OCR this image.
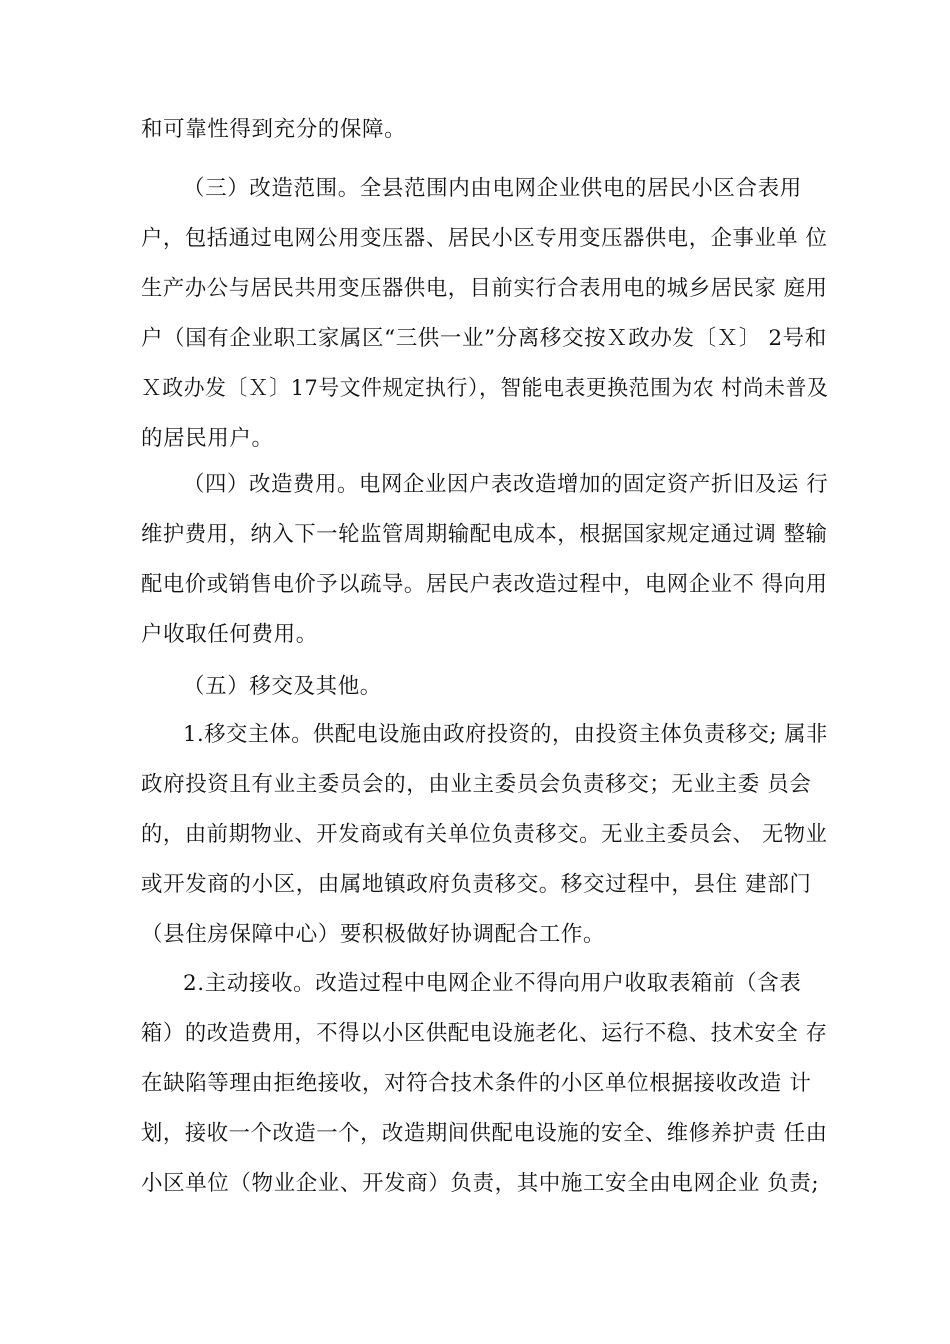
和可靠性得到充分的保障。
（三）改造范围。全县范围内由电网企业供电的居民小区合表用
户，包括通过电网公用变压器、居民小区专用变压器供电，企事业单 位
生产办公与居民共用变压器供电，目前实行合表用电的城乡居民家 庭用
户（国有企业职工家属区“三供一业”分离移交按Ｘ政办发〔Ｘ〕 2号和
Ｘ政办发〔Ｘ〕17号文件规定执行），智能电表更换范围为农 村尚未普及
的居民用户。
（四）改造费用。电网企业因户表改造增加的固定资产折旧及运 行
维护费用，纳入下一轮监管周期输配电成本，根据国家规定通过调 整输
配电价或销售电价予以疏导。居民户表改造过程中，电网企业不 得向用
户收取任何费用。
（五）移交及其他。
1.移交主体。供配电设施由政府投资的，由投资主体负责移交; 属非
政府投资且有业主委员会的，由业主委员会负责移交；无业主委 员会
的，由前期物业、开发商或有关单位负责移交。无业主委员会、 无物业
或开发商的小区，由属地镇政府负责移交。移交过程中，县住 建部门
（县住房保障中心）要积极做好协调配合工作。
2.主动接收。改造过程中电网企业不得向用户收取表箱前（含表
箱）的改造费用，不得以小区供配电设施老化、运行不稳、技术安全 存
在缺陷等理由拒绝接收，对符合技术条件的小区单位根据接收改造 计
划，接收一个改造一个，改造期间供配电设施的安全、维修养护责 任由
小区单位（物业企业、开发商）负责，其中施工安全由电网企业 负责;
